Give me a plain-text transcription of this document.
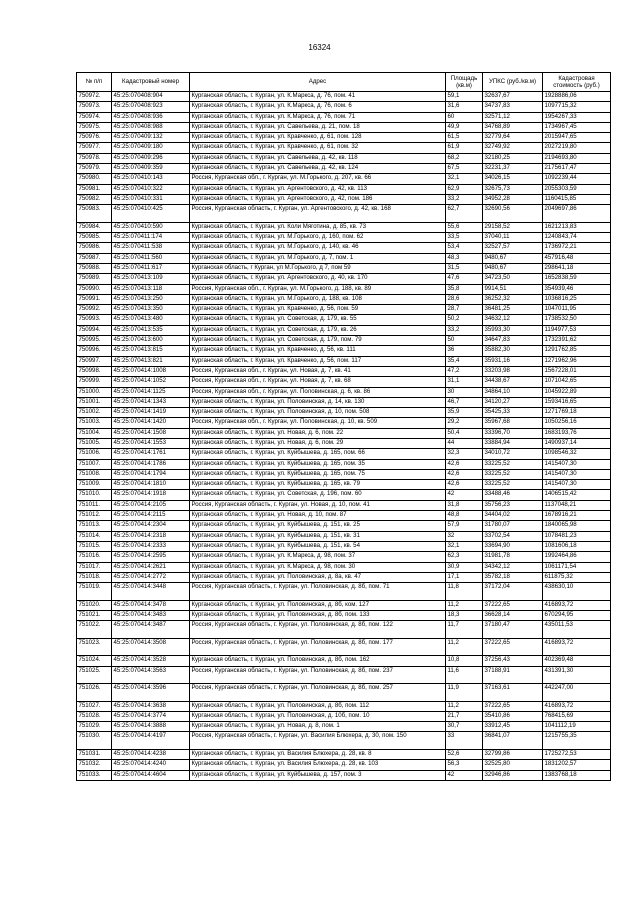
16324
№ п/п	Кадастровый номер	Адрес	Площадь (кв.м)	УПКС (руб./кв.м)	Кадастровая стоимость (руб.)
750972.	45:25:070408:904	Курганская область, г. Курган, ул. К.Маркса, д. 76, пом. 41	59,1	32637,67	1928886,06
750973.	45:25:070408:923	Курганская область, г. Курган, ул. К.Маркса, д. 76, пом. 6	31,6	34737,83	1097715,32
750974.	45:25:070408:936	Курганская область, г. Курган, ул. К.Маркса, д. 76, пом. 71	60	32571,12	1954267,33
750975.	45:25:070408:988	Курганская область, г. Курган, ул. Савельева, д. 21, пом. 18	49,9	34768,89	1734967,45
750976.	45:25:070409:132	Курганская область, г. Курган, ул. Кравченко, д. 61, пом. 128	61,5	32779,64	2015947,65
750977.	45:25:070409:180	Курганская область, г. Курган, ул. Кравченко, д. 61, пом. 32	61,9	32749,92	2027219,80
750978.	45:25:070409:296	Курганская область, г. Курган, ул. Савельева, д. 42, кв. 118	68,2	32180,25	2194693,80
750979.	45:25:070409:359	Курганская область, г. Курган, ул. Савельева, д. 42, кв. 124	67,5	32231,37	2175617,47
750980.	45:25:070410:143	Россия, Курганская обл., г. Курган, ул. М.Горького, д. 207, кв. 66	32,1	34026,15	1092239,44
750981.	45:25:070410:322	Курганская область, г. Курган, ул. Аргентовского, д. 42, кв. 113	62,9	32675,73	2055303,59
750982.	45:25:070410:331	Курганская область, г. Курган, ул. Аргентовского, д. 42, пом. 186	33,2	34952,28	1160415,85
750983.	45:25:070410:425	Россия, Курганская область, г. Курган, ул. Аргентовского, д. 42, кв. 168	62,7	32690,56	2049697,86
750984.	45:25:070410:590	Курганская область, г. Курган, ул. Коли Мяготина, д. 85, кв. 73	55,6	29158,52	1621213,83
750985.	45:25:070411:174	Курганская область, г. Курган, ул. М.Горького, д. 160, пом. 62	33,5	37040,11	1240843,74
750986.	45:25:070411:538	Курганская область, г. Курган, ул. М.Горького, д. 140, кв. 46	53,4	32527,57	1736972,21
750987.	45:25:070411:560	Курганская область, г. Курган, ул. М.Горького, д. 7, пом. 1	48,3	9480,67	457916,48
750988.	45:25:070411:617	Курганская область, г Курган, ул М.Горького, д 7, пом 59	31,5	9480,67	298641,18
750989.	45:25:070413:109	Курганская область, г. Курган, ул. Аргентовского, д. 40, кв. 170	47,6	34723,50	1652838,59
750990.	45:25:070413:118	Россия, Курганская обл., г. Курган, ул. М.Горького, д. 188, кв. 89	35,8	9914,51	354939,46
750991.	45:25:070413:250	Курганская область, г. Курган, ул. М.Горького, д. 188, кв. 108	28,6	36252,32	1036816,25
750992.	45:25:070413:350	Курганская область, г. Курган, ул. Кравченко, д. 56, пом. 59	28,7	36481,25	1047011,95
750993.	45:25:070413:480	Курганская область, г. Курган, ул. Советская, д. 179, кв. 55	50,2	34632,12	1738532,50
750994.	45:25:070413:535	Курганская область, г. Курган, ул. Советская, д. 179, кв. 26	33,2	35993,30	1194977,53
750995.	45:25:070413:600	Курганская область, г. Курган, ул. Советская, д. 179, пом. 79	50	34647,83	1732391,62
750996.	45:25:070413:815	Курганская область, г. Курган, ул. Кравченко, д. 56, кв. 111	36	35882,30	1291762,85
750997.	45:25:070413:821	Курганская область, г. Курган, ул. Кравченко, д. 56, пом. 117	35,4	35931,16	1271962,96
750998.	45:25:070414:1008	Россия, Курганская обл., г. Курган, ул. Новая, д. 7, кв. 41	47,2	33203,98	1567228,01
750999.	45:25:070414:1052	Россия, Курганская обл., г. Курган, ул. Новая, д. 7, кв. 68	31,1	34438,67	1071042,65
751000.	45:25:070414:1125	Россия, Курганская обл., г. Курган, ул. Половинская, д. 6, кв. 86	30	34864,10	1045922,89
751001.	45:25:070414:1343	Курганская область, г. Курган, ул. Половинская, д. 14, кв. 130	46,7	34120,27	1593416,65
751002.	45:25:070414:1419	Курганская область, г. Курган, ул. Половинская, д. 10, пом. 508	35,9	35425,33	1271769,18
751003.	45:25:070414:1420	Россия, Курганская обл., г. Курган, ул. Половинская, д. 10, кв. 509	29,2	35967,68	1050256,16
751004.	45:25:070414:1508	Курганская область, г. Курган, ул. Новая, д. 6, пом. 22	50,4	33396,70	1683193,76
751005.	45:25:070414:1553	Курганская область, г. Курган, ул. Новая, д. 6, пом. 29	44	33884,94	1490937,14
751006.	45:25:070414:1761	Курганская область, г. Курган, ул. Куйбышева, д. 165, пом. 66	32,3	34010,72	1098546,32
751007.	45:25:070414:1786	Курганская область, г. Курган, ул. Куйбышева, д. 165, пом. 35	42,6	33225,52	1415407,30
751008.	45:25:070414:1794	Курганская область, г. Курган, ул. Куйбышева, д. 165, пом. 75	42,6	33225,52	1415407,30
751009.	45:25:070414:1810	Курганская область, г. Курган, ул. Куйбышева, д. 165, кв. 79	42,6	33225,52	1415407,30
751010.	45:25:070414:1918	Курганская область, г. Курган, ул. Советская, д. 196, пом. 60	42	33488,46	1406515,42
751011.	45:25:070414:2105	Россия, Курганская область, г. Курган, ул. Новая, д. 10, пом. 41	31,8	35756,23	1137048,21
751012.	45:25:070414:2115	Курганская область, г. Курган, ул. Новая, д. 10, пом. 87	48,8	34404,02	1678916,21
751013.	45:25:070414:2304	Курганская область, г. Курган, ул. Куйбышева, д. 151, кв. 25	57,9	31780,07	1840065,98
751014.	45:25:070414:2318	Курганская область, г. Курган, ул. Куйбышева, д. 151, кв. 31	32	33702,54	1078481,23
751015.	45:25:070414:2333	Курганская область, г. Курган, ул. Куйбышева, д. 151, кв. 54	32,1	33694,90	1081606,18
751016.	45:25:070414:2595	Курганская область, г. Курган, ул. К.Маркса, д. 98, пом. 37	62,3	31981,78	1992464,86
751017.	45:25:070414:2621	Курганская область, г. Курган, ул. К.Маркса, д. 98, пом. 30	30,9	34342,12	1061171,54
751018.	45:25:070414:2772	Курганская область, г. Курган, ул. Половинская, д. 8а, кв. 47	17,1	35782,18	611875,32
751019.	45:25:070414:3448	Россия, Курганская область, г. Курган, ул. Половинская, д. 8б, пом. 71	11,8	37172,04	438630,10
751020.	45:25:070414:3478	Курганская область, г. Курган, ул. Половинская, д. 8б, ком. 127	11,2	37222,65	416893,72
751021.	45:25:070414:3483	Курганская область, г. Курган, ул. Половинская, д. 8б, пом. 133	18,3	36628,14	670294,95
751022.	45:25:070414:3487	Россия, Курганская область, г. Курган, ул. Половинская, д. 8б, пом. 122	11,7	37180,47	435011,53
751023.	45:25:070414:3508	Россия, Курганская область, г. Курган, ул. Половинская, д. 8б, пом. 177	11,2	37222,65	416893,72
751024.	45:25:070414:3528	Курганская область, г. Курган, ул. Половинская, д. 8б, пом. 162	10,8	37256,43	402369,48
751025.	45:25:070414:3563	Россия, Курганская область, г. Курган, ул. Половинская, д. 8б, пом. 237	11,6	37188,91	431391,30
751026.	45:25:070414:3596	Россия, Курганская область, г. Курган, ул. Половинская, д. 8б, пом. 257	11,9	37163,61	442247,00
751027.	45:25:070414:3638	Курганская область, г. Курган, ул. Половинская, д. 8б, пом. 112	11,2	37222,65	416893,72
751028.	45:25:070414:3774	Курганская область, г. Курган, ул. Половинская, д. 10б, пом. 10	21,7	35410,86	768415,69
751029.	45:25:070414:3888	Курганская область, г. Курган, ул. Новая, д. 8, пом. 1	30,7	33912,45	1041112,19
751030.	45:25:070414:4197	Россия, Курганская область, г. Курган, ул. Василия Блюхера, д. 30, пом. 150	33	36841,07	1215755,35
751031.	45:25:070414:4238	Курганская область, г. Курган, ул. Василия Блюхера, д. 28, кв. 8	52,6	32799,86	1725272,53
751032.	45:25:070414:4240	Курганская область, г. Курган, ул. Василия Блюхера, д. 28, кв. 103	56,3	32525,80	1831202,57
751033.	45:25:070414:4604	Курганская область, г. Курган, ул. Куйбышева, д. 157, пом. 3	42	32946,86	1383768,18
